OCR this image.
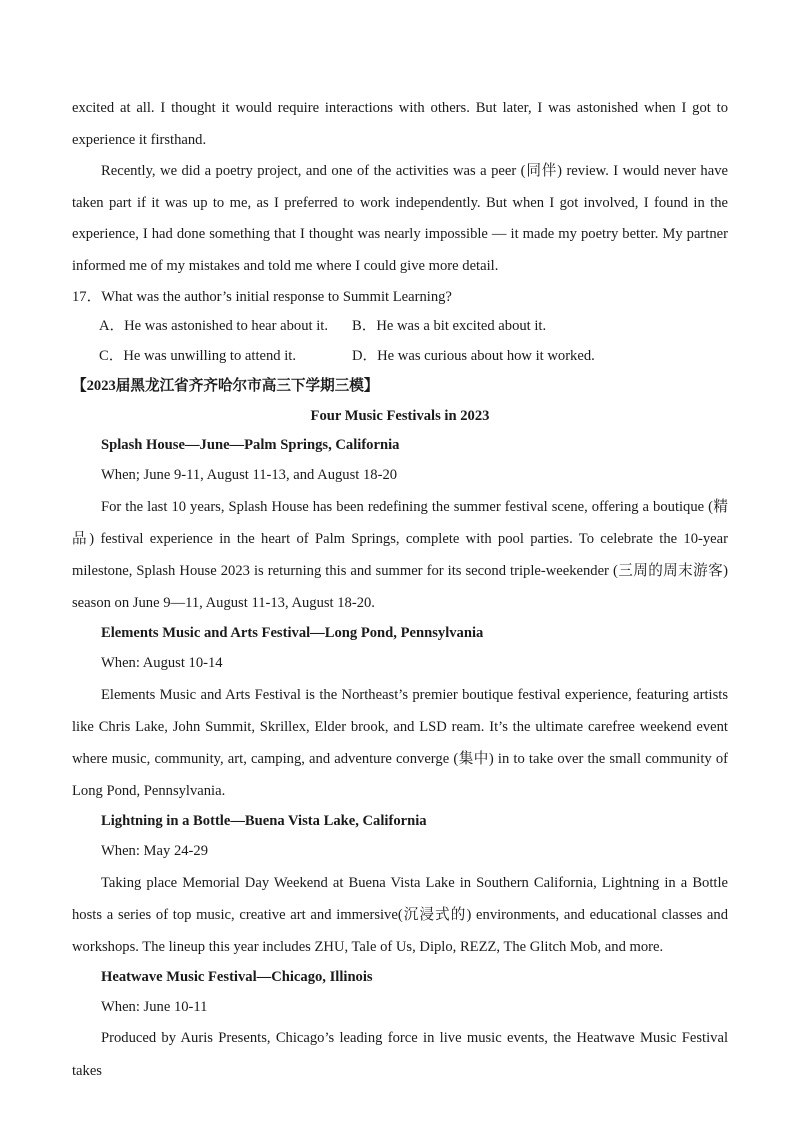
excited at all. I thought it would require interactions with others. But later, I was astonished when I got to experience it firsthand.

Recently, we did a poetry project, and one of the activities was a peer (同伴) review. I would never have taken part if it was up to me, as I preferred to work independently. But when I got involved, I found in the experience, I had done something that I thought was nearly impossible — it made my poetry better. My partner informed me of my mistakes and told me where I could give more detail.

17．What was the author’s initial response to Summit Learning?

A．He was astonished to hear about it.	B．He was a bit excited about it.
C．He was unwilling to attend it.	D．He was curious about how it worked.

【2023届黑龙江省齐齐哈尔市高三下学期三模】

Four Music Festivals in 2023

Splash House—June—Palm Springs, California

When; June 9-11, August 11-13, and August 18-20

For the last 10 years, Splash House has been redefining the summer festival scene, offering a boutique (精品) festival experience in the heart of Palm Springs, complete with pool parties. To celebrate the 10-year milestone, Splash House 2023 is returning this and summer for its second triple-weekender (三周的周末游客) season on June 9—11, August 11-13, August 18-20.

Elements Music and Arts Festival—Long Pond, Pennsylvania

When: August 10-14

Elements Music and Arts Festival is the Northeast’s premier boutique festival experience, featuring artists like Chris Lake, John Summit, Skrillex, Elder brook, and LSD ream. It’s the ultimate carefree weekend event where music, community, art, camping, and adventure converge (集中) in to take over the small community of Long Pond, Pennsylvania.

Lightning in a Bottle—Buena Vista Lake, California

When: May 24-29

Taking place Memorial Day Weekend at Buena Vista Lake in Southern California, Lightning in a Bottle hosts a series of top music, creative art and immersive(沉浸式的) environments, and educational classes and workshops. The lineup this year includes ZHU, Tale of Us, Diplo, REZZ, The Glitch Mob, and more.

Heatwave Music Festival—Chicago, Illinois

When: June 10-11

Produced by Auris Presents, Chicago’s leading force in live music events, the Heatwave Music Festival takes
